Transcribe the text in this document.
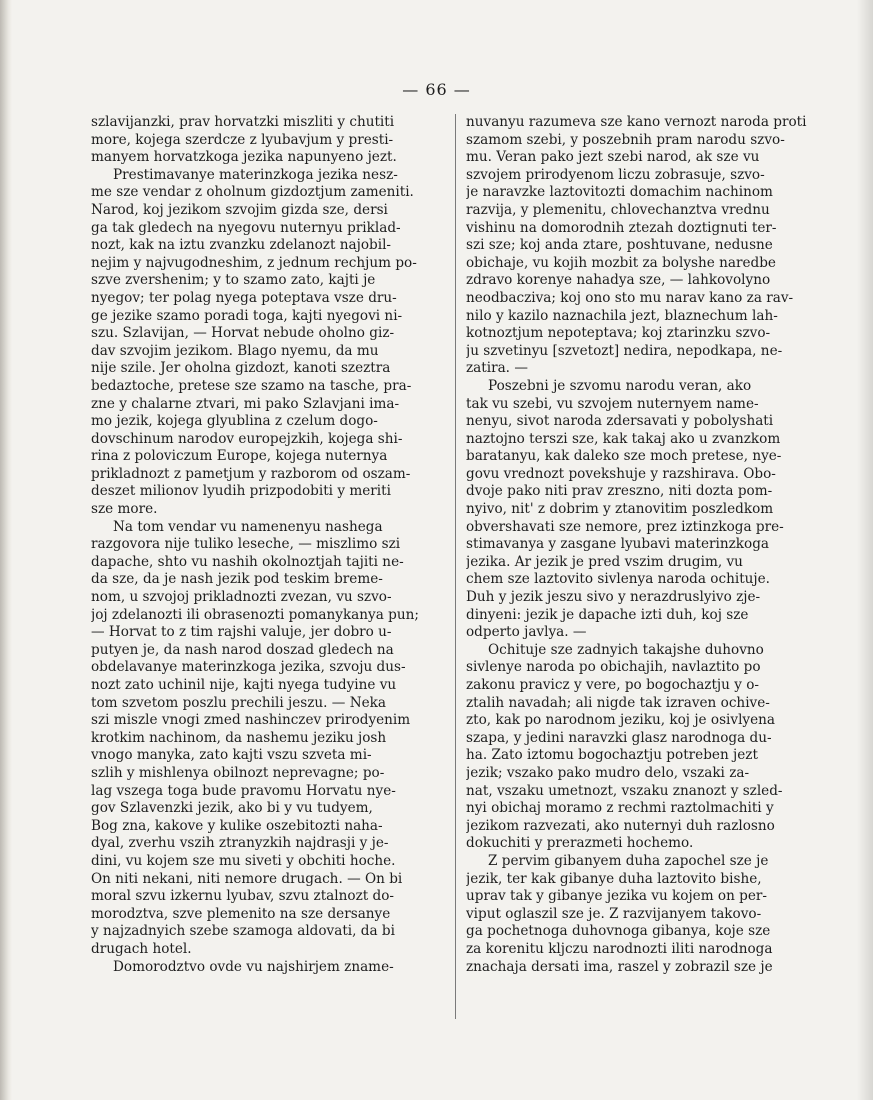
— 66 —
szlavijanzki, prav horvatzki miszliti y chutiti
more, kojega szerdcze z lyubavjum y presti-
manyem horvatzkoga jezika napunyeno jezt.
Prestimavanye materinzkoga jezika nesz-
me sze vendar z oholnum gizdoztjum zameniti.
Narod, koj jezikom szvojim gizda sze, dersi
ga tak gledech na nyegovu nuternyu priklad-
nozt, kak na iztu zvanzku zdelanozt najobil-
nejim y najvugodneshim, z jednum rechjum po-
szve zvershenim; y to szamo zato, kajti je
nyegov; ter polag nyega poteptava vsze dru-
ge jezike szamo poradi toga, kajti nyegovi ni-
szu. Szlavijan, — Horvat nebude oholno giz-
dav szvojim jezikom. Blago nyemu, da mu
nije szile. Jer oholna gizdozt, kanoti szeztra
bedaztoche, pretese sze szamo na tasche, pra-
zne y chalarne ztvari, mi pako Szlavjani ima-
mo jezik, kojega glyublina z czelum dogo-
dovschinum narodov europejzkih, kojega shi-
rina z poloviczum Europe, kojega nuternya
prikladnozt z pametjum y razborom od oszam-
deszet milionov lyudih prizpodobiti y meriti
sze more.
Na tom vendar vu namenenyu nashega
razgovora nije tuliko leseche, — miszlimo szi
dapache, shto vu nashih okolnoztjah tajiti ne-
da sze, da je nash jezik pod teskim breme-
nom, u szvojoj prikladnozti zvezan, vu szvo-
joj zdelanozti ili obrasenozti pomanykanya pun;
— Horvat to z tim rajshi valuje, jer dobro u-
putyen je, da nash narod doszad gledech na
obdelavanye materinzkoga jezika, szvoju dus-
nozt zato uchinil nije, kajti nyega tudyine vu
tom szvetom poszlu prechili jeszu. — Neka
szi miszle vnogi zmed nashinczev prirodyenim
krotkim nachinom, da nashemu jeziku josh
vnogo manyka, zato kajti vszu szveta mi-
szlih y mishlenya obilnozt neprevagne; po-
lag vszega toga bude pravomu Horvatu nye-
gov Szlavenzki jezik, ako bi y vu tudyem,
Bog zna, kakove y kulike oszebitozti naha-
dyal, zverhu vszih ztranyzkih najdrasji y je-
dini, vu kojem sze mu siveti y obchiti hoche.
On niti nekani, niti nemore drugach. — On bi
moral szvu izkernu lyubav, szvu ztalnozt do-
morodztva, szve plemenito na sze dersanye
y najzadnyich szebe szamoga aldovati, da bi
drugach hotel.
Domorodztvo ovde vu najshirjem zname-
nuvanyu razumeva sze kano vernozt naroda proti
szamom szebi, y poszebnih pram narodu szvo-
mu. Veran pako jezt szebi narod, ak sze vu
szvojem prirodyenom liczu zobrasuje, szvo-
je naravzke laztovitozti domachim nachinom
razvija, y plemenitu, chlovechanztva vrednu
vishinu na domorodnih ztezah doztignuti ter-
szi sze; koj anda ztare, poshtuvane, nedusne
obichaje, vu kojih mozbit za bolyshe naredbe
zdravo korenye nahadya sze, — lahkovolyno
neodbacziva; koj ono sto mu narav kano za rav-
nilo y kazilo naznachila jezt, blaznechum lah-
kotnoztjum nepoteptava; koj ztarinzku szvo-
ju szvetinyu [szvetozt] nedira, nepodkapa, ne-
zatira. —
Poszebni je szvomu narodu veran, ako
tak vu szebi, vu szvojem nuternyem name-
nenyu, sivot naroda zdersavati y pobolyshati
naztojno terszi sze, kak takaj ako u zvanzkom
baratanyu, kak daleko sze moch pretese, nye-
govu vrednozt povekshuje y razshirava. Obo-
dvoje pako niti prav zreszno, niti dozta pom-
nyivo, nit' z dobrim y ztanovitim poszledkom
obvershavati sze nemore, prez iztinzkoga pre-
stimavanya y zasgane lyubavi materinzkoga
jezika. Ar jezik je pred vszim drugim, vu
chem sze laztovito sivlenya naroda ochituje.
Duh y jezik jeszu sivo y nerazdruslyivo zje-
dinyeni: jezik je dapache izti duh, koj sze
odperto javlya. —
Ochituje sze zadnyich takajshe duhovno
sivlenye naroda po obichajih, navlaztito po
zakonu pravicz y vere, po bogochaztju y o-
ztalih navadah; ali nigde tak izraven ochive-
zto, kak po narodnom jeziku, koj je osivlyena
szapa, y jedini naravzki glasz narodnoga du-
ha. Zato iztomu bogochaztju potreben jezt
jezik; vszako pako mudro delo, vszaki za-
nat, vszaku umetnozt, vszaku znanozt y szled-
nyi obichaj moramo z rechmi raztolmachiti y
jezikom razvezati, ako nuternyi duh razlosno
dokuchiti y prerazmeti hochemo.
Z pervim gibanyem duha zapochel sze je
jezik, ter kak gibanye duha laztovito bishe,
uprav tak y gibanye jezika vu kojem on per-
viput oglaszil sze je. Z razvijanyem takovo-
ga pochetnoga duhovnoga gibanya, koje sze
za korenitu kljczu narodnozti iliti narodnoga
znachaja dersati ima, raszel y zobrazil sze je
